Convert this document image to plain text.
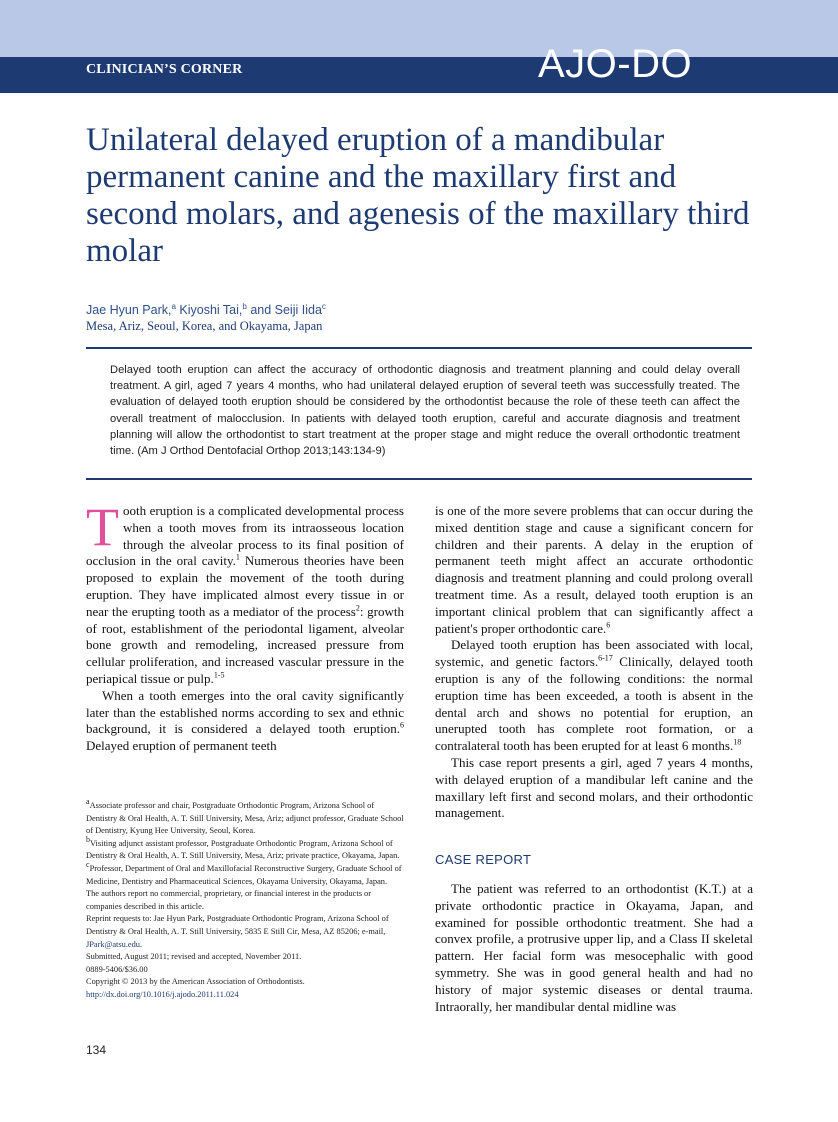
CLINICIAN’S CORNER	AJO-DO
Unilateral delayed eruption of a mandibular permanent canine and the maxillary first and second molars, and agenesis of the maxillary third molar
Jae Hyun Park,$^a$ Kiyoshi Tai,$^b$ and Seiji Iida$^c$
Mesa, Ariz, Seoul, Korea, and Okayama, Japan

Delayed tooth eruption can affect the accuracy of orthodontic diagnosis and treatment planning and could delay overall treatment. A girl, aged 7 years 4 months, who had unilateral delayed eruption of several teeth was successfully treated. The evaluation of delayed tooth eruption should be considered by the orthodontist because the role of these teeth can affect the overall treatment of malocclusion. In patients with delayed tooth eruption, careful and accurate diagnosis and treatment planning will allow the orthodontist to start treatment at the proper stage and might reduce the overall orthodontic treatment time. (Am J Orthod Dentofacial Orthop 2013;143:134-9)

Tooth eruption is a complicated developmental process when a tooth moves from its intraosseous location through the alveolar process to its final position of occlusion in the oral cavity.$^1$ Numerous theories have been proposed to explain the movement of the tooth during eruption. They have implicated almost every tissue in or near the erupting tooth as a mediator of the process$^2$: growth of root, establishment of the periodontal ligament, alveolar bone growth and remodeling, increased pressure from cellular proliferation, and increased vascular pressure in the periapical tissue or pulp.$^{1-5}$

When a tooth emerges into the oral cavity significantly later than the established norms according to sex and ethnic background, it is considered a delayed tooth eruption.$^6$ Delayed eruption of permanent teeth

is one of the more severe problems that can occur during the mixed dentition stage and cause a significant concern for children and their parents. A delay in the eruption of permanent teeth might affect an accurate orthodontic diagnosis and treatment planning and could prolong overall treatment time. As a result, delayed tooth eruption is an important clinical problem that can significantly affect a patient's proper orthodontic care.$^6$

Delayed tooth eruption has been associated with local, systemic, and genetic factors.$^{6-17}$ Clinically, delayed tooth eruption is any of the following conditions: the normal eruption time has been exceeded, a tooth is absent in the dental arch and shows no potential for eruption, an unerupted tooth has complete root formation, or a contralateral tooth has been erupted for at least 6 months.$^{18}$

This case report presents a girl, aged 7 years 4 months, with delayed eruption of a mandibular left canine and the maxillary left first and second molars, and their orthodontic management.

CASE REPORT

The patient was referred to an orthodontist (K.T.) at a private orthodontic practice in Okayama, Japan, and examined for possible orthodontic treatment. She had a convex profile, a protrusive upper lip, and a Class II skeletal pattern. Her facial form was mesocephalic with good symmetry. She was in good general health and had no history of major systemic diseases or dental trauma. Intraorally, her mandibular dental midline was

$^a$Associate professor and chair, Postgraduate Orthodontic Program, Arizona School of Dentistry & Oral Health, A. T. Still University, Mesa, Ariz; adjunct professor, Graduate School of Dentistry, Kyung Hee University, Seoul, Korea.

$^b$Visiting adjunct assistant professor, Postgraduate Orthodontic Program, Arizona School of Dentistry & Oral Health, A. T. Still University, Mesa, Ariz; private practice, Okayama, Japan.

$^c$Professor, Department of Oral and Maxillofacial Reconstructive Surgery, Graduate School of Medicine, Dentistry and Pharmaceutical Sciences, Okayama University, Okayama, Japan.

The authors report no commercial, proprietary, or financial interest in the products or companies described in this article.

Reprint requests to: Jae Hyun Park, Postgraduate Orthodontic Program, Arizona School of Dentistry & Oral Health, A. T. Still University, 5835 E Still Cir, Mesa, AZ 85206; e-mail, JPark@atsu.edu.

Submitted, August 2011; revised and accepted, November 2011.

0889-5406/$36.00

Copyright © 2013 by the American Association of Orthodontists.

http://dx.doi.org/10.1016/j.ajodo.2011.11.024

134
